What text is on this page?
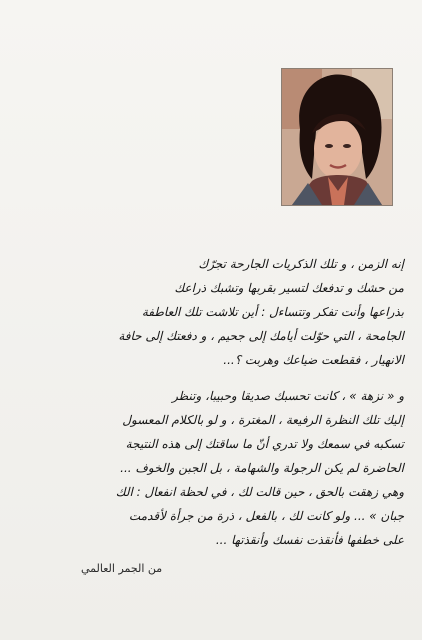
إنه الزمن ، و تلك الذكريات الجارحة تجرّك
من حشك و تدفعك لتسير بقربها وتشبك ذراعك
بذراعها وأنت تفكر وتتساءل : أين تلاشت تلك العاطفة
الجامحة ، التي حوّلت أيامك إلى جحيم ، و دفعتك إلى حافة
الانهيار ، فقطعت ضياعك وهربت ؟...

و « نزهة » ، كانت تحسبك صديقا وحبيبا، وتنظر
إليك تلك النظرة الرفيعة ، المغترة ، و لو بالكلام المعسول
تسكبه في سمعك ولا تدري أنّ ما ساقتك إلى هذه النتيجة
الحاضرة لم يكن الرجولة والشهامة ، بل الجبن والخوف ...
وهي زهقت بالحق ، حين قالت لك ، في لحظة انفعال : الك
جبان » ... ولو كانت لك ، بالفعل ، ذرة من جرأة لأقدمت
على خطفها فأنقذت نفسك وأنقذتها ...

من الجمر العالمي
